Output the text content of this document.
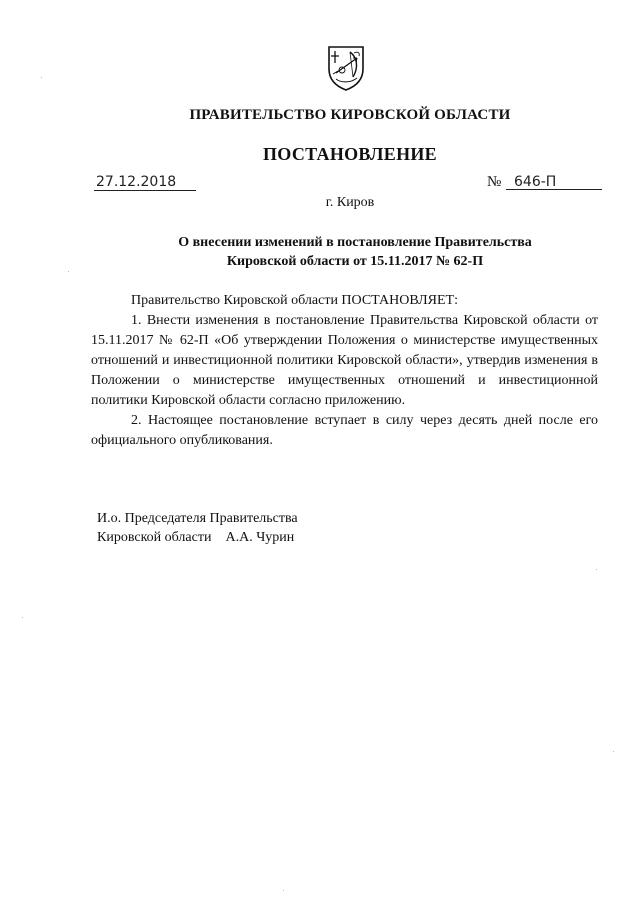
ПРАВИТЕЛЬСТВО КИРОВСКОЙ ОБЛАСТИ
ПОСТАНОВЛЕНИЕ
27.12.2018	№ 646-П
г. Киров
О внесении изменений в постановление Правительства
Кировской области от 15.11.2017 № 62-П

Правительство Кировской области ПОСТАНОВЛЯЕТ:

1. Внести изменения в постановление Правительства Кировской области от 15.11.2017 № 62-П «Об утверждении Положения о министерстве имущественных отношений и инвестиционной политики Кировской области», утвердив изменения в Положении о министерстве имущественных отношений и инвестиционной политики Кировской области согласно приложению.

2. Настоящее постановление вступает в силу через десять дней после его официального опубликования.

И.о. Председателя Правительства
Кировской области А.А. Чурин
